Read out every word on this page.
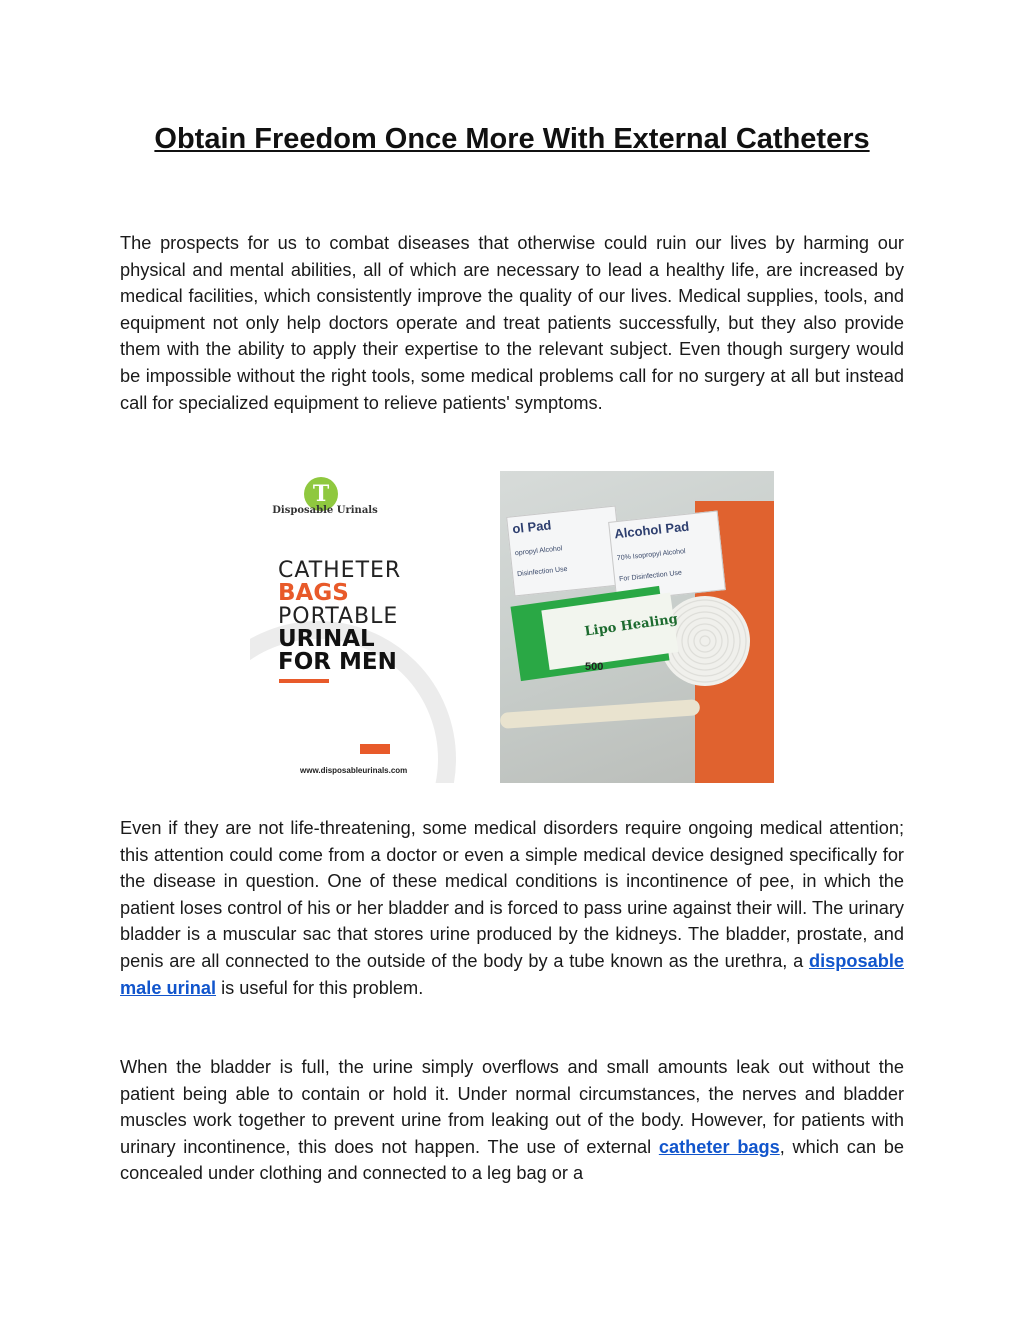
Obtain Freedom Once More With External Catheters

The prospects for us to combat diseases that otherwise could ruin our lives by harming our physical and mental abilities, all of which are necessary to lead a healthy life, are increased by medical facilities, which consistently improve the quality of our lives. Medical supplies, tools, and equipment not only help doctors operate and treat patients successfully, but they also provide them with the ability to apply their expertise to the relevant subject. Even though surgery would be impossible without the right tools, some medical problems call for no surgery at all but instead call for specialized equipment to relieve patients' symptoms.

T
Disposable Urinals
CATHETER
BAGS
PORTABLE
URINAL
FOR MEN
www.disposableurinals.com
ol Pad
opropyl Alcohol
Disinfection Use
Alcohol Pad
70% Isopropyl Alcohol
For Disinfection Use
Lipo Healing
500

Even if they are not life-threatening, some medical disorders require ongoing medical attention; this attention could come from a doctor or even a simple medical device designed specifically for the disease in question. One of these medical conditions is incontinence of pee, in which the patient loses control of his or her bladder and is forced to pass urine against their will. The urinary bladder is a muscular sac that stores urine produced by the kidneys. The bladder, prostate, and penis are all connected to the outside of the body by a tube known as the urethra, a disposable male urinal is useful for this problem.

When the bladder is full, the urine simply overflows and small amounts leak out without the patient being able to contain or hold it. Under normal circumstances, the nerves and bladder muscles work together to prevent urine from leaking out of the body. However, for patients with urinary incontinence, this does not happen. The use of external catheter bags, which can be concealed under clothing and connected to a leg bag or a
